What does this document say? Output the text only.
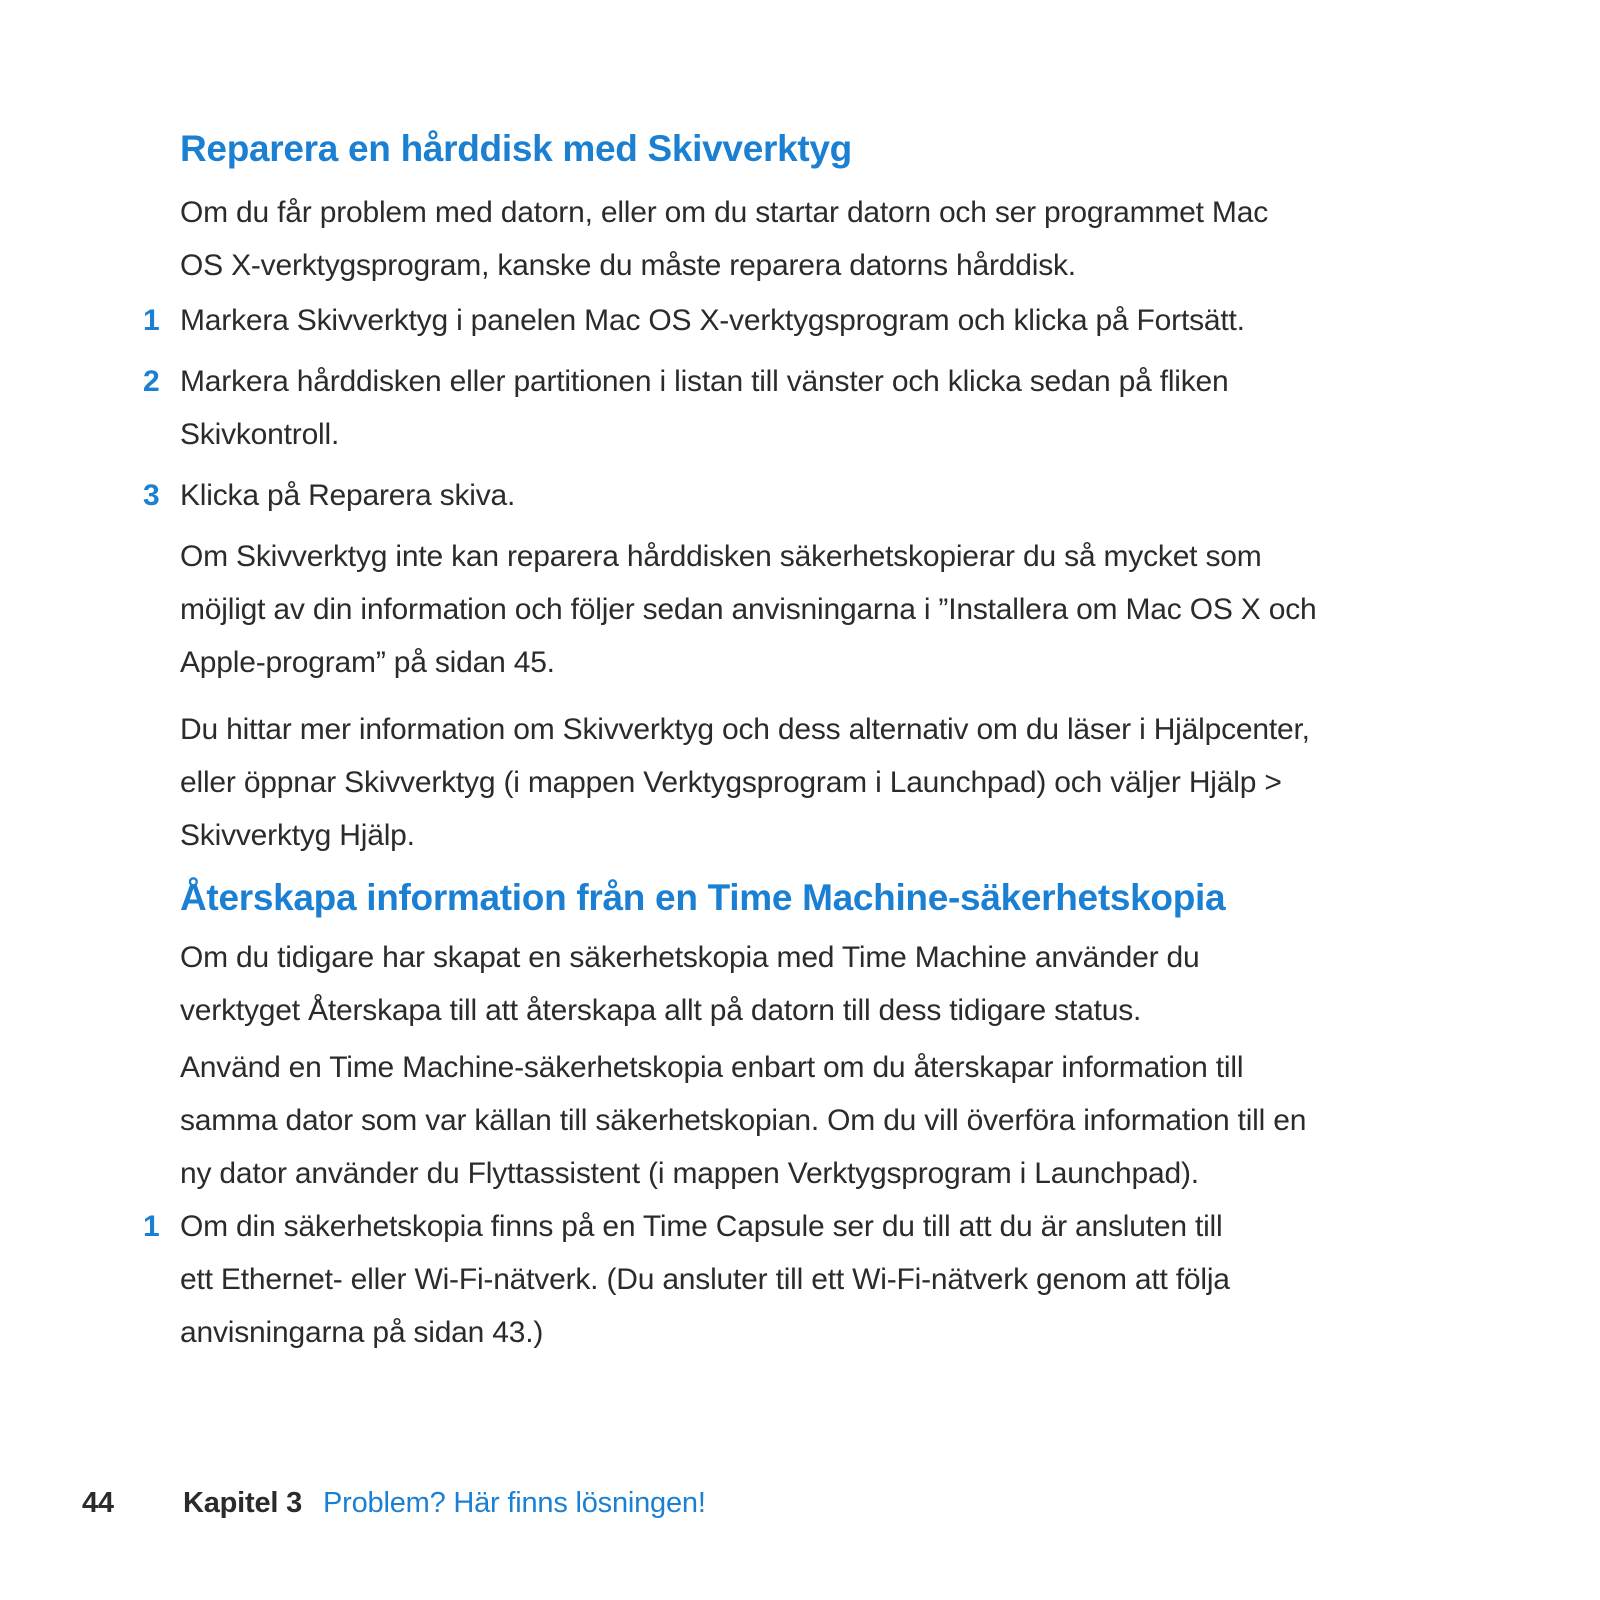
Reparera en hårddisk med Skivverktyg

Om du får problem med datorn, eller om du startar datorn och ser programmet Mac
OS X-verktygsprogram, kanske du måste reparera datorns hårddisk.

1 Markera Skivverktyg i panelen Mac OS X-verktygsprogram och klicka på Fortsätt.
2 Markera hårddisken eller partitionen i listan till vänster och klicka sedan på fliken
Skivkontroll.
3 Klicka på Reparera skiva.

Om Skivverktyg inte kan reparera hårddisken säkerhetskopierar du så mycket som
möjligt av din information och följer sedan anvisningarna i ”Installera om Mac OS X och
Apple-program” på sidan 45.

Du hittar mer information om Skivverktyg och dess alternativ om du läser i Hjälpcenter,
eller öppnar Skivverktyg (i mappen Verktygsprogram i Launchpad) och väljer Hjälp >
Skivverktyg Hjälp.

Återskapa information från en Time Machine-säkerhetskopia

Om du tidigare har skapat en säkerhetskopia med Time Machine använder du
verktyget Återskapa till att återskapa allt på datorn till dess tidigare status.

Använd en Time Machine-säkerhetskopia enbart om du återskapar information till
samma dator som var källan till säkerhetskopian. Om du vill överföra information till en
ny dator använder du Flyttassistent (i mappen Verktygsprogram i Launchpad).

1 Om din säkerhetskopia finns på en Time Capsule ser du till att du är ansluten till
ett Ethernet- eller Wi-Fi-nätverk. (Du ansluter till ett Wi-Fi-nätverk genom att följa
anvisningarna på sidan 43.)
44 Kapitel 3 Problem? Här finns lösningen!
